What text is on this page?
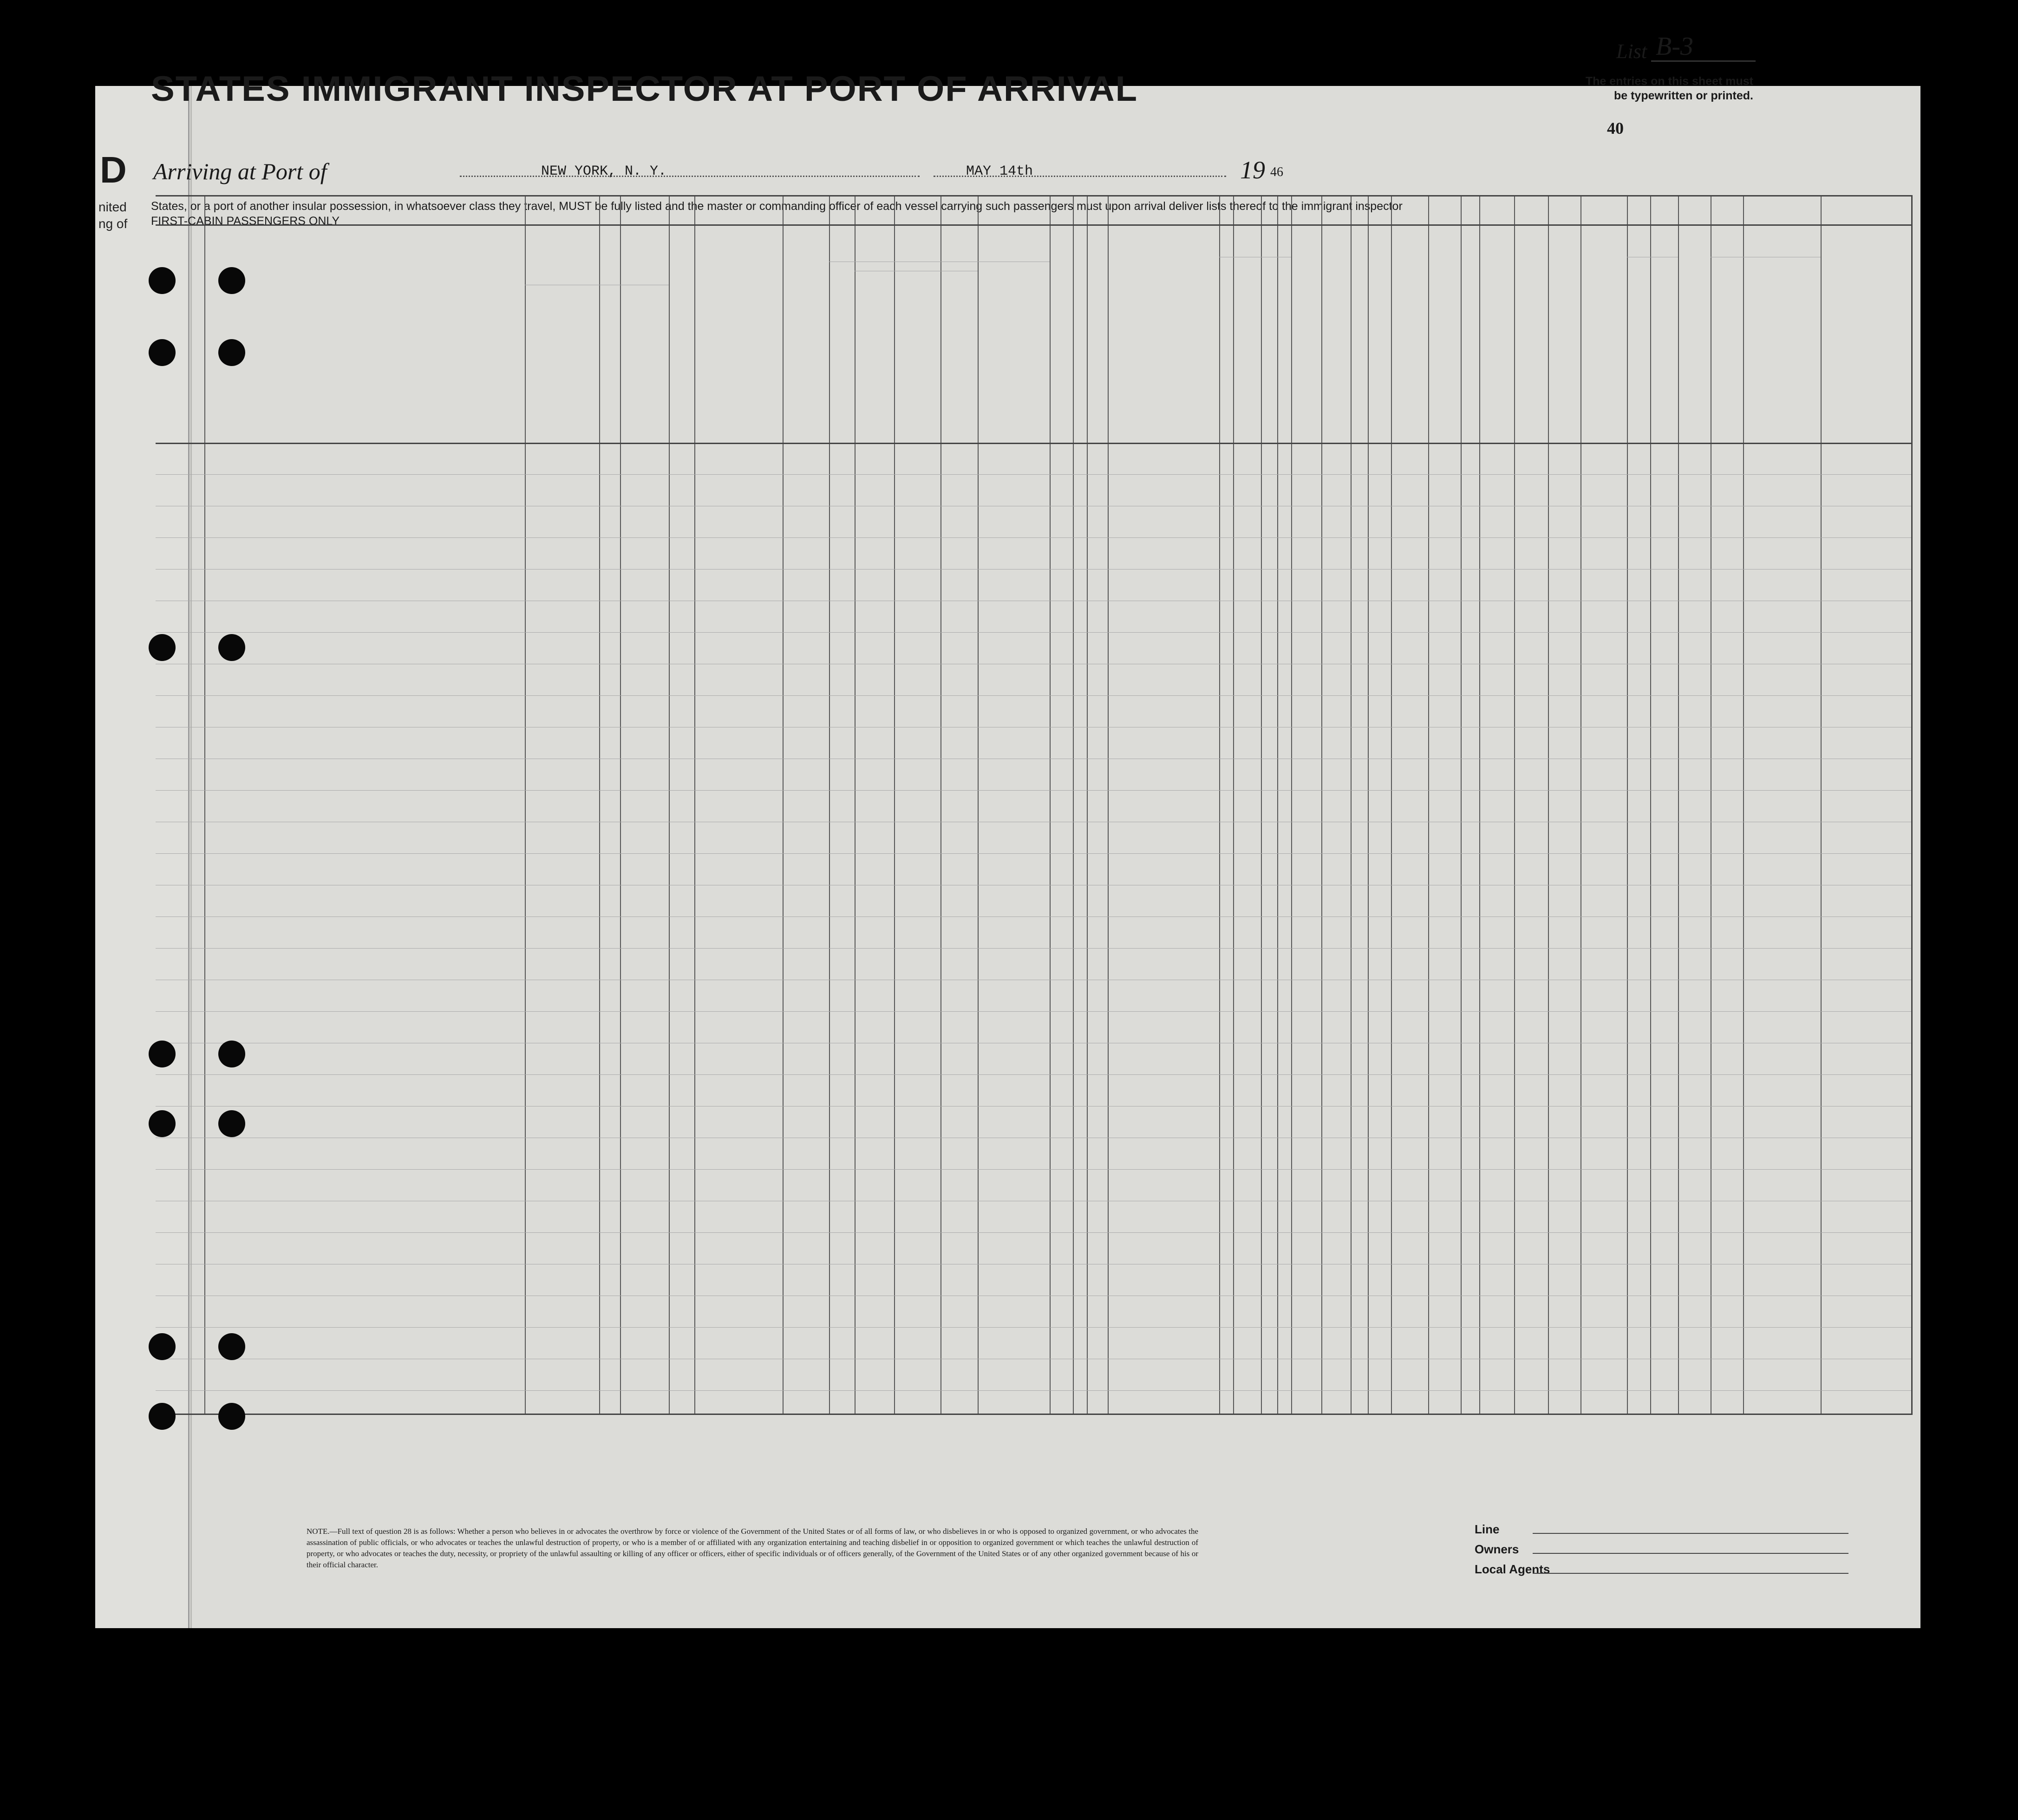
D
nited
ng of
List B-3
The entries on this sheet must be typewritten or printed.
40
STATES IMMIGRANT INSPECTOR AT PORT OF ARRIVAL
States, or a port of another insular possession, in whatsoever class they travel, MUST be fully listed and the master or commanding officer of each vessel carrying such passengers must upon arrival deliver lists thereof to the immigrant inspector
FIRST-CABIN PASSENGERS ONLY
Arriving at Port of	NEW YORK, N. Y.	MAY 14th	19 46
NOTE.—Full text of question 28 is as follows: Whether a person who believes in or advocates the overthrow by force or violence of the Government of the United States or of all forms of law, or who disbelieves in or who is opposed to organized government, or who advocates the assassination of public officials, or who advocates or teaches the unlawful destruction of property, or who is a member of or affiliated with any organization entertaining and teaching disbelief in or opposition to organized government or which teaches the unlawful destruction of property, or who advocates or teaches the duty, necessity, or propriety of the unlawful assaulting or killing of any officer or officers, either of specific individuals or of officers generally, of the Government of the United States or of any other organized government because of his or their official character.
Line
Owners
Local Agents
